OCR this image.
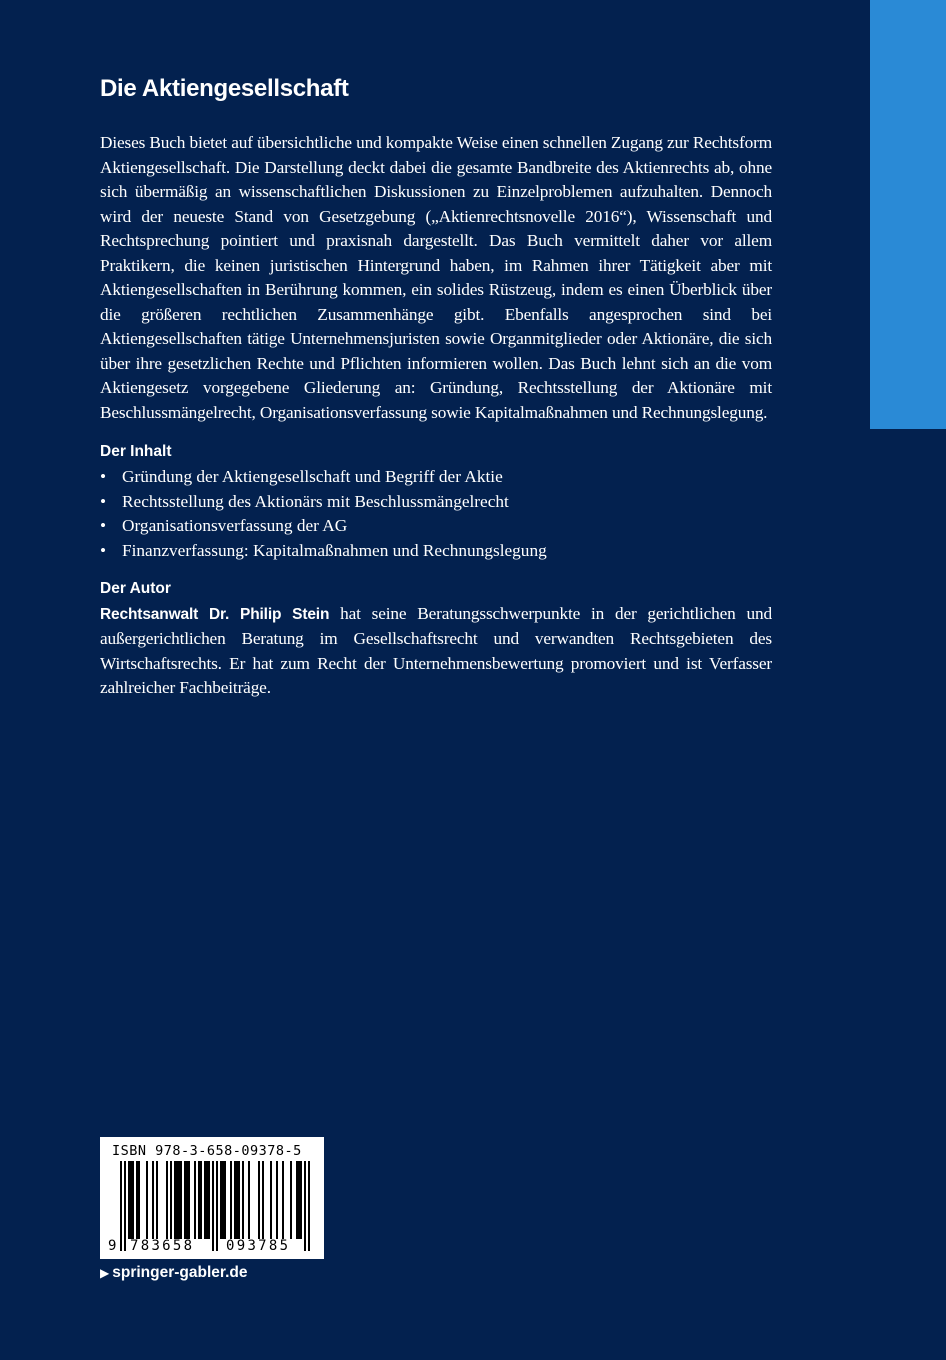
Die Aktiengesellschaft

Dieses Buch bietet auf übersichtliche und kompakte Weise einen schnellen Zugang zur Rechtsform Aktiengesellschaft. Die Darstellung deckt dabei die gesamte Bandbreite des Aktienrechts ab, ohne sich übermäßig an wissenschaftlichen Diskussionen zu Einzelproblemen aufzuhalten. Dennoch wird der neueste Stand von Gesetzgebung („Aktienrechtsnovelle 2016“), Wissenschaft und Rechtsprechung pointiert und praxisnah dargestellt. Das Buch vermittelt daher vor allem Praktikern, die keinen juristischen Hintergrund haben, im Rahmen ihrer Tätigkeit aber mit Aktiengesellschaften in Berührung kommen, ein solides Rüstzeug, indem es einen Überblick über die größeren rechtlichen Zusammenhänge gibt. Ebenfalls angesprochen sind bei Aktiengesellschaften tätige Unternehmensjuristen sowie Organmitglieder oder Aktionäre, die sich über ihre gesetzlichen Rechte und Pflichten informieren wollen. Das Buch lehnt sich an die vom Aktiengesetz vorgegebene Gliederung an: Gründung, Rechtsstellung der Aktionäre mit Beschlussmängelrecht, Organisationsverfassung sowie Kapitalmaßnahmen und Rechnungslegung.

Der Inhalt
• Gründung der Aktiengesellschaft und Begriff der Aktie
• Rechtsstellung des Aktionärs mit Beschlussmängelrecht
• Organisationsverfassung der AG
• Finanzverfassung: Kapitalmaßnahmen und Rechnungslegung
Der Autor

Rechtsanwalt Dr. Philip Stein hat seine Beratungsschwerpunkte in der gerichtlichen und außergerichtlichen Beratung im Gesellschaftsrecht und verwandten Rechtsgebieten des Wirtschaftsrechts. Er hat zum Recht der Unternehmensbewertung promoviert und ist Verfasser zahlreicher Fachbeiträge.

ISBN 978-3-658-09378-5
9 783658	093785
▶ springer-gabler.de
